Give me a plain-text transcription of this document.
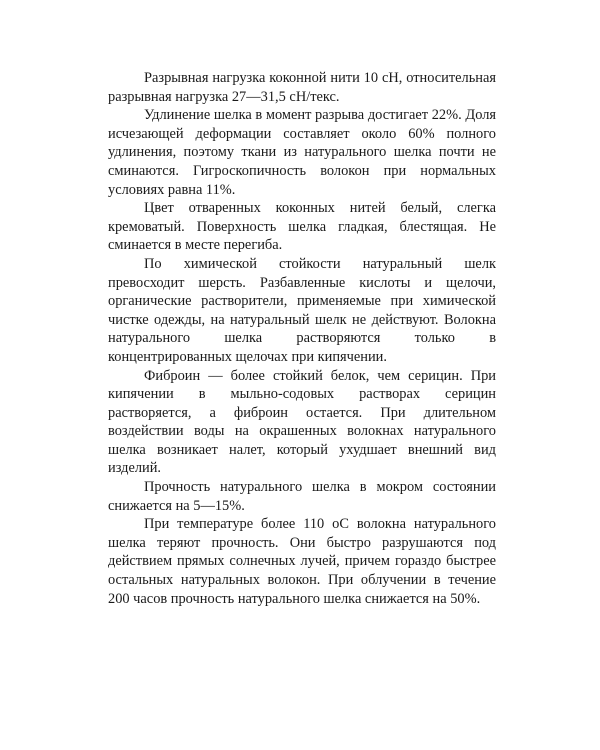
Разрывная нагрузка коконной нити 10 сН, относительная разрывная нагрузка 27—31,5 сН/текс.

Удлинение шелка в момент разрыва достигает 22%. Доля исчезающей деформации составляет около 60% полного удлинения, поэтому ткани из натурального шелка почти не сминаются. Гигроскопичность волокон при нормальных условиях равна 11%.

Цвет отваренных коконных нитей белый, слегка кремоватый. Поверхность шелка гладкая, блестящая. Не сминается в месте перегиба.

По химической стойкости натуральный шелк превосходит шерсть. Разбавленные кислоты и щелочи, органические растворители, применяемые при химической чистке одежды, на натуральный шелк не действуют. Волокна натурального шелка растворяются только в концентрированных щелочах при кипячении.

Фиброин — более стойкий белок, чем серицин. При кипячении в мыльно-содовых растворах серицин растворяется, а фиброин остается. При длительном воздействии воды на окрашенных волокнах натурального шелка возникает налет, который ухудшает внешний вид изделий.

Прочность натурального шелка в мокром состоянии снижается на 5—15%.

При температуре более 110 оС волокна натурального шелка теряют прочность. Они быстро разрушаются под действием прямых солнечных лучей, причем гораздо быстрее остальных натуральных волокон. При облучении в течение 200 часов прочность натурального шелка снижается на 50%.
